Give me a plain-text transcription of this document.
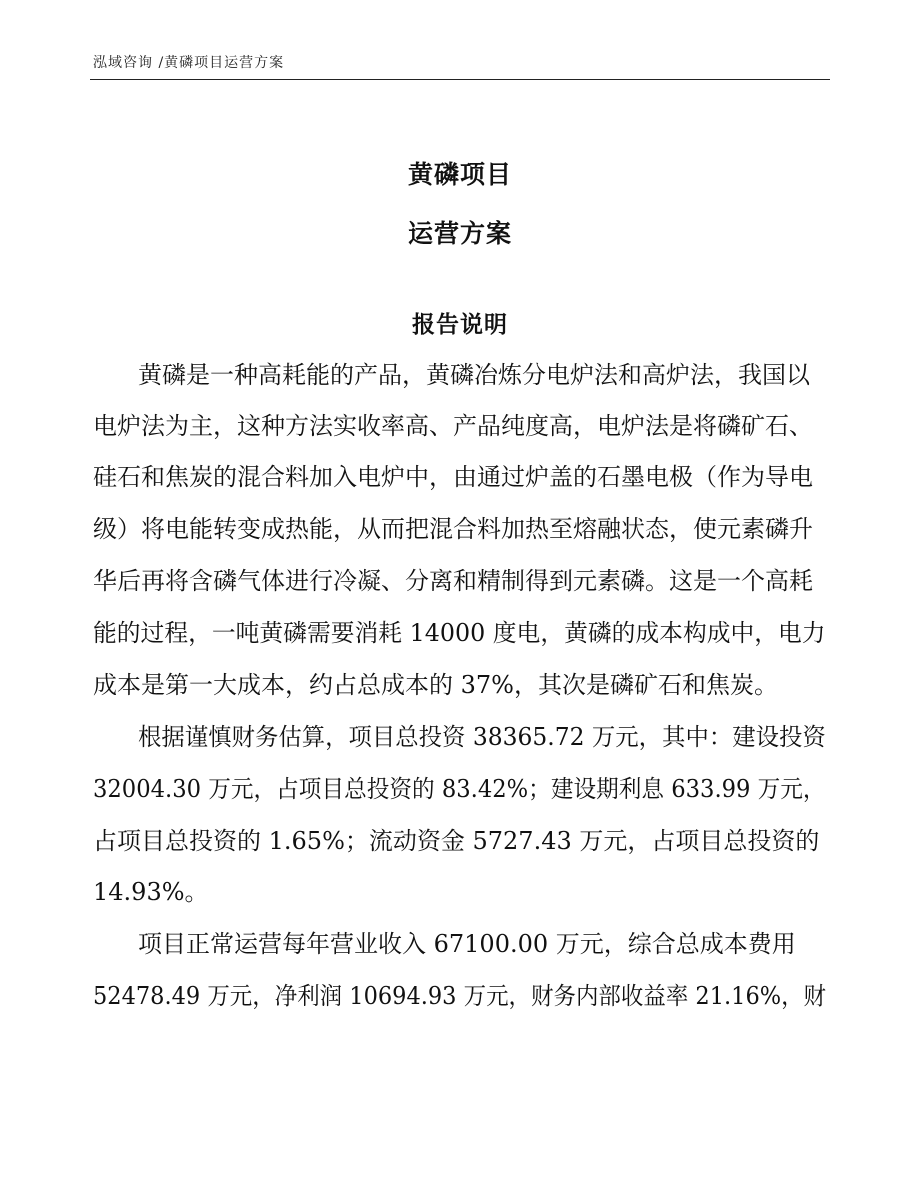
泓域咨询 /黄磷项目运营方案
黄磷项目
运营方案
报告说明
黄磷是一种高耗能的产品，黄磷冶炼分电炉法和高炉法，我国以
电炉法为主，这种方法实收率高、产品纯度高，电炉法是将磷矿石、
硅石和焦炭的混合料加入电炉中，由通过炉盖的石墨电极（作为导电
级）将电能转变成热能，从而把混合料加热至熔融状态，使元素磷升
华后再将含磷气体进行冷凝、分离和精制得到元素磷。这是一个高耗
能的过程，一吨黄磷需要消耗 14000 度电，黄磷的成本构成中，电力
成本是第一大成本，约占总成本的 37%，其次是磷矿石和焦炭。
根据谨慎财务估算，项目总投资 38365.72 万元，其中：建设投资
32004.30 万元，占项目总投资的 83.42%；建设期利息 633.99 万元，
占项目总投资的 1.65%；流动资金 5727.43 万元，占项目总投资的
14.93%。
项目正常运营每年营业收入 67100.00 万元，综合总成本费用
52478.49 万元，净利润 10694.93 万元，财务内部收益率 21.16%，财
